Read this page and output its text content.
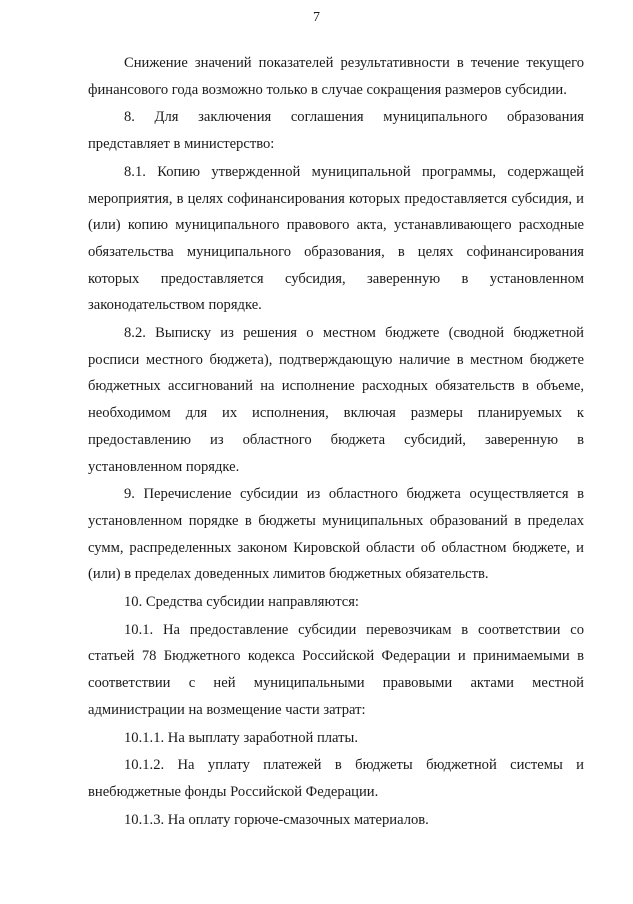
7

Снижение значений показателей результативности в течение текущего финансового года возможно только в случае сокращения размеров субсидии.

8. Для заключения соглашения муниципального образования представляет в министерство:

8.1. Копию утвержденной муниципальной программы, содержащей мероприятия, в целях софинансирования которых предоставляется субсидия, и (или) копию муниципального правового акта, устанавливающего расходные обязательства муниципального образования, в целях софинансирования которых предоставляется субсидия, заверенную в установленном законодательством порядке.

8.2. Выписку из решения о местном бюджете (сводной бюджетной росписи местного бюджета), подтверждающую наличие в местном бюджете бюджетных ассигнований на исполнение расходных обязательств в объеме, необходимом для их исполнения, включая размеры планируемых к предоставлению из областного бюджета субсидий, заверенную в установленном порядке.

9. Перечисление субсидии из областного бюджета осуществляется в установленном порядке в бюджеты муниципальных образований в пределах сумм, распределенных законом Кировской области об областном бюджете, и (или) в пределах доведенных лимитов бюджетных обязательств.

10. Средства субсидии направляются:

10.1. На предоставление субсидии перевозчикам в соответствии со статьей 78 Бюджетного кодекса Российской Федерации и принимаемыми в соответствии с ней муниципальными правовыми актами местной администрации на возмещение части затрат:

10.1.1. На выплату заработной платы.

10.1.2. На уплату платежей в бюджеты бюджетной системы и внебюджетные фонды Российской Федерации.

10.1.3. На оплату горюче-смазочных материалов.
